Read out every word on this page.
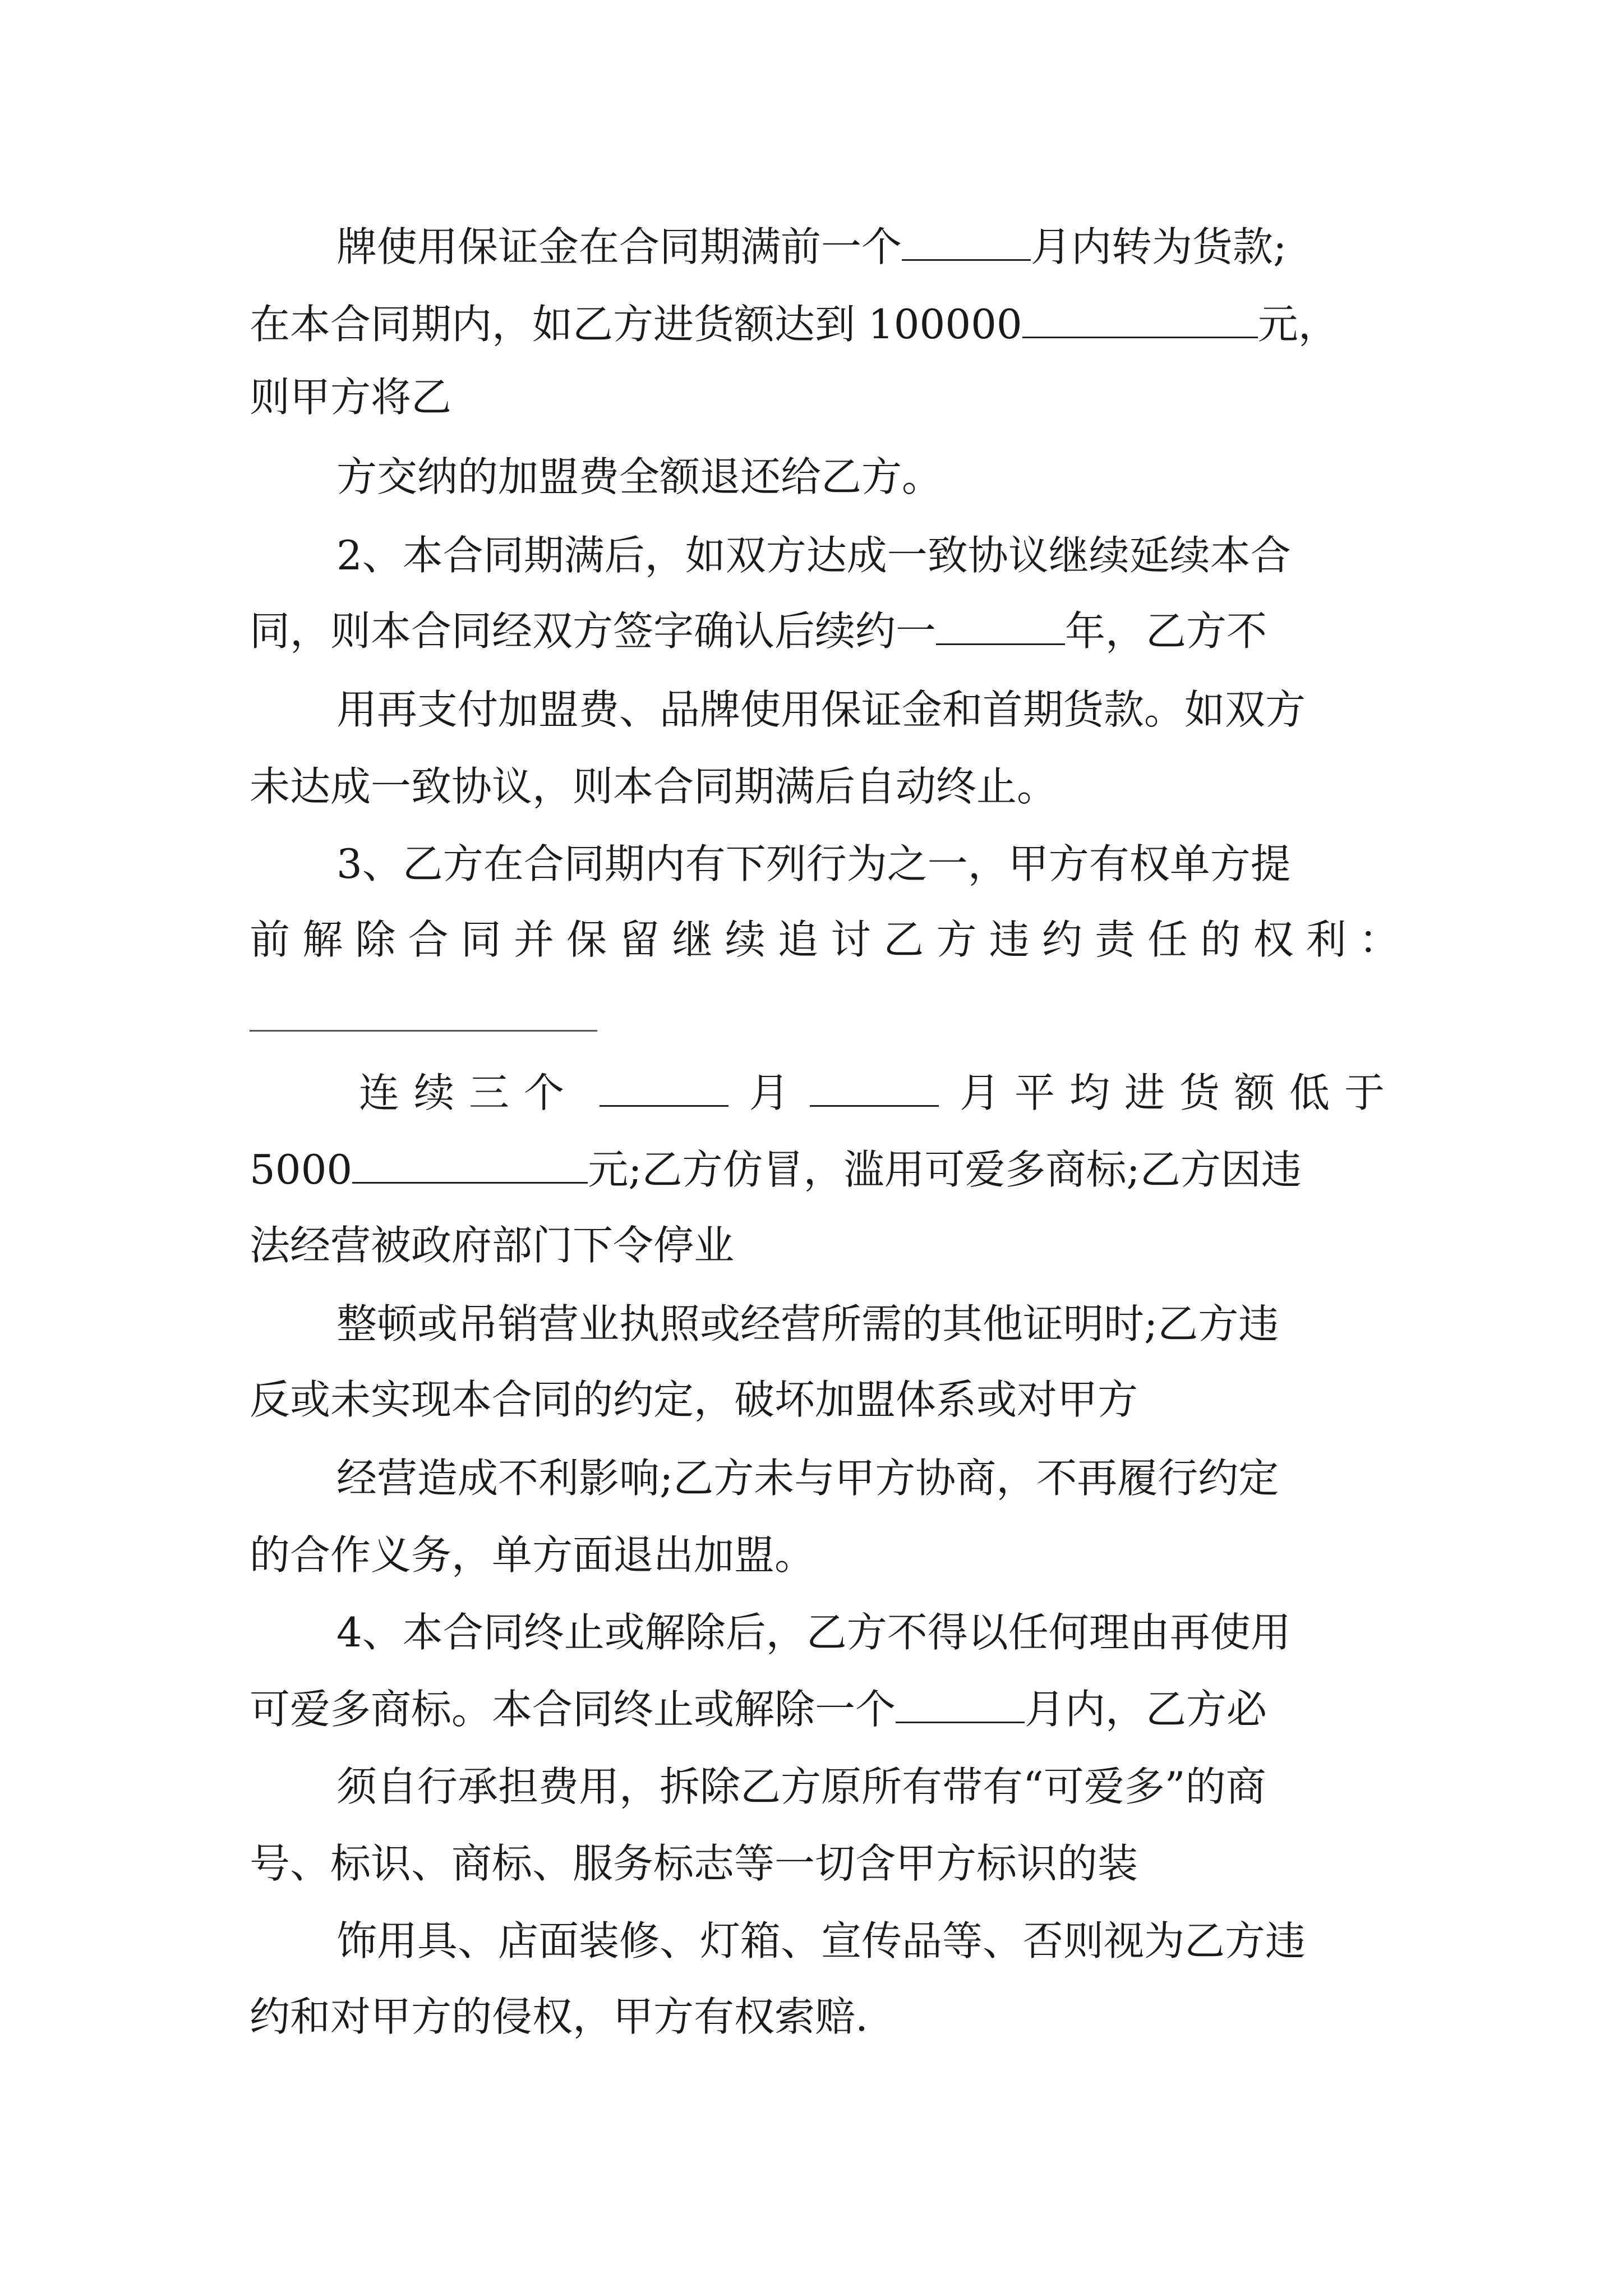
牌使用保证金在合同期满前一个	月内转为货款;

在本合同期内，如乙方进货额达到 100000	元，

则甲方将乙

方交纳的加盟费全额退还给乙方。

2、本合同期满后，如双方达成一致协议继续延续本合

同，则本合同经双方签字确认后续约一	年，乙方不

用再支付加盟费、品牌使用保证金和首期货款。如双方

未达成一致协议，则本合同期满后自动终止。

3、乙方在合同期内有下列行为之一，甲方有权单方提

前解除合同并保留继续追讨乙方违约责任的权利：

连续三个	月	月平均进货额低于

5000	元;乙方仿冒，滥用可爱多商标;乙方因违

法经营被政府部门下令停业

整顿或吊销营业执照或经营所需的其他证明时;乙方违

反或未实现本合同的约定，破坏加盟体系或对甲方

经营造成不利影响;乙方未与甲方协商，不再履行约定

的合作义务，单方面退出加盟。

4、本合同终止或解除后，乙方不得以任何理由再使用

可爱多商标。本合同终止或解除一个	月内，乙方必

须自行承担费用，拆除乙方原所有带有“可爱多”的商

号、标识、商标、服务标志等一切含甲方标识的装

饰用具、店面装修、灯箱、宣传品等、否则视为乙方违

约和对甲方的侵权，甲方有权索赔.
